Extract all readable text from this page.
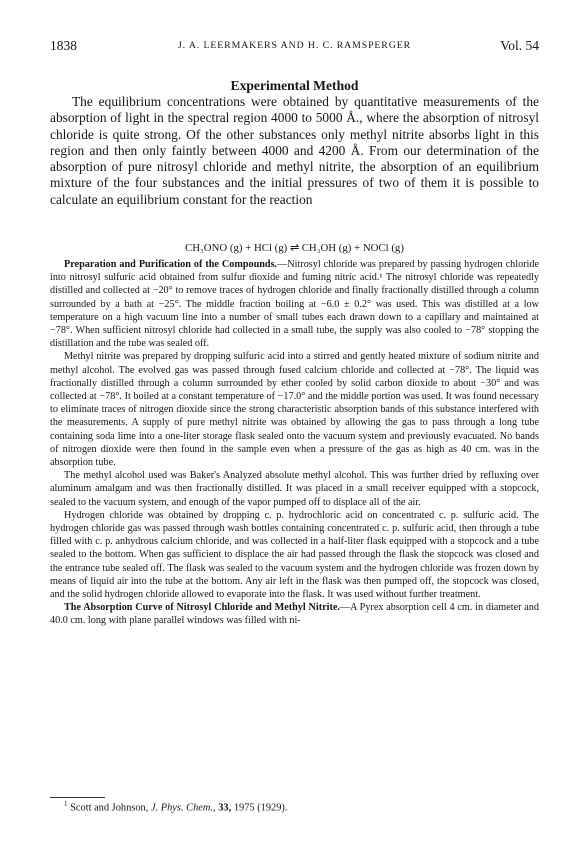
1838	J. A. LEERMAKERS AND H. C. RAMSPERGER	Vol. 54
Experimental Method

The equilibrium concentrations were obtained by quantitative measurements of the absorption of light in the spectral region 4000 to 5000 Å., where the absorption of nitrosyl chloride is quite strong. Of the other substances only methyl nitrite absorbs light in this region and then only faintly between 4000 and 4200 Å. From our determination of the absorption of pure nitrosyl chloride and methyl nitrite, the absorption of an equilibrium mixture of the four substances and the initial pressures of two of them it is possible to calculate an equilibrium constant for the reaction

CH₃ONO (g) + HCl (g) ⇌ CH₃OH (g) + NOCl (g)

Preparation and Purification of the Compounds.—Nitrosyl chloride was prepared by passing hydrogen chloride into nitrosyl sulfuric acid obtained from sulfur dioxide and fuming nitric acid.¹ The nitrosyl chloride was repeatedly distilled and collected at −20° to remove traces of hydrogen chloride and finally fractionally distilled through a column surrounded by a bath at −25°. The middle fraction boiling at −6.0 ± 0.2° was used. This was distilled at a low temperature on a high vacuum line into a number of small tubes each drawn down to a capillary and maintained at −78°. When sufficient nitrosyl chloride had collected in a small tube, the supply was also cooled to −78° stopping the distillation and the tube was sealed off.

Methyl nitrite was prepared by dropping sulfuric acid into a stirred and gently heated mixture of sodium nitrite and methyl alcohol. The evolved gas was passed through fused calcium chloride and collected at −78°. The liquid was fractionally distilled through a column surrounded by ether cooled by solid carbon dioxide to about −30° and was collected at −78°. It boiled at a constant temperature of −17.0° and the middle portion was used. It was found necessary to eliminate traces of nitrogen dioxide since the strong characteristic absorption bands of this substance interfered with the measurements. A supply of pure methyl nitrite was obtained by allowing the gas to pass through a long tube containing soda lime into a one-liter storage flask sealed onto the vacuum system and previously evacuated. No bands of nitrogen dioxide were then found in the sample even when a pressure of the gas as high as 40 cm. was in the absorption tube.

The methyl alcohol used was Baker's Analyzed absolute methyl alcohol. This was further dried by refluxing over aluminum amalgam and was then fractionally distilled. It was placed in a small receiver equipped with a stopcock, sealed to the vacuum system, and enough of the vapor pumped off to displace all of the air.

Hydrogen chloride was obtained by dropping c. p. hydrochloric acid on concentrated c. p. sulfuric acid. The hydrogen chloride gas was passed through wash bottles containing concentrated c. p. sulfuric acid, then through a tube filled with c. p. anhydrous calcium chloride, and was collected in a half-liter flask equipped with a stopcock and a tube sealed to the bottom. When gas sufficient to displace the air had passed through the flask the stopcock was closed and the entrance tube sealed off. The flask was sealed to the vacuum system and the hydrogen chloride was frozen down by means of liquid air into the tube at the bottom. Any air left in the flask was then pumped off, the stopcock was closed, and the solid hydrogen chloride allowed to evaporate into the flask. It was used without further treatment.

The Absorption Curve of Nitrosyl Chloride and Methyl Nitrite.—A Pyrex absorption cell 4 cm. in diameter and 40.0 cm. long with plane parallel windows was filled with ni-

$^1$ Scott and Johnson, J. Phys. Chem., 33, 1975 (1929).
